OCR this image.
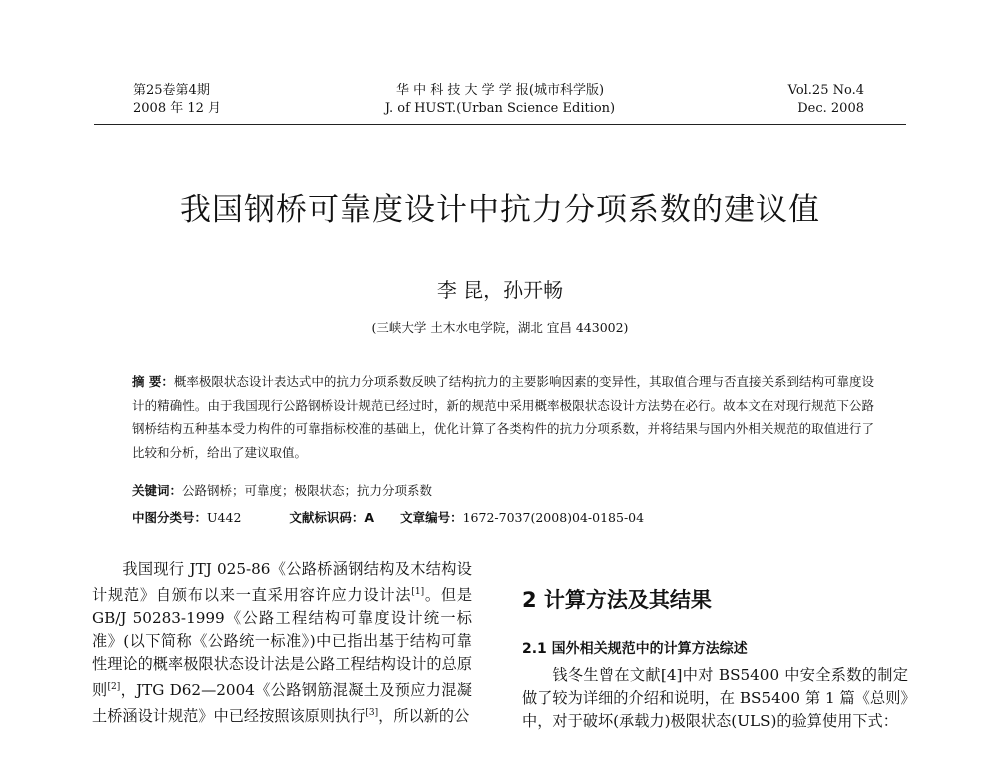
第25卷第4期
2008 年 12 月
华 中 科 技 大 学 学 报(城市科学版)
J. of HUST.(Urban Science Edition)
Vol.25 No.4
Dec. 2008
我国钢桥可靠度设计中抗力分项系数的建议值
李 昆，孙开畅
(三峡大学 土木水电学院，湖北 宜昌 443002)
摘 要：概率极限状态设计表达式中的抗力分项系数反映了结构抗力的主要影响因素的变异性，其取值合理与否直接关系到结构可靠度设计的精确性。由于我国现行公路钢桥设计规范已经过时，新的规范中采用概率极限状态设计方法势在必行。故本文在对现行规范下公路钢桥结构五种基本受力构件的可靠指标校准的基础上，优化计算了各类构件的抗力分项系数，并将结果与国内外相关规范的取值进行了比较和分析，给出了建议取值。
关键词：公路钢桥；可靠度；极限状态；抗力分项系数
中图分类号：U442	文献标识码：A 文章编号：1672-7037(2008)04-0185-04

我国现行 JTJ 025-86《公路桥涵钢结构及木结构设计规范》自颁布以来一直采用容许应力设计法[1]。但是 GB/J 50283-1999《公路工程结构可靠度设计统一标准》(以下简称《公路统一标准》)中已指出基于结构可靠性理论的概率极限状态设计法是公路工程结构设计的总原则[2]，JTG D62—2004《公路钢筋混凝土及预应力混凝土桥涵设计规范》中已经按照该原则执行[3]，所以新的公

2 计算方法及其结果
2.1 国外相关规范中的计算方法综述

钱冬生曾在文献[4]中对 BS5400 中安全系数的制定做了较为详细的介绍和说明，在 BS5400 第 1 篇《总则》中，对于破坏(承载力)极限状态(ULS)的验算使用下式：
